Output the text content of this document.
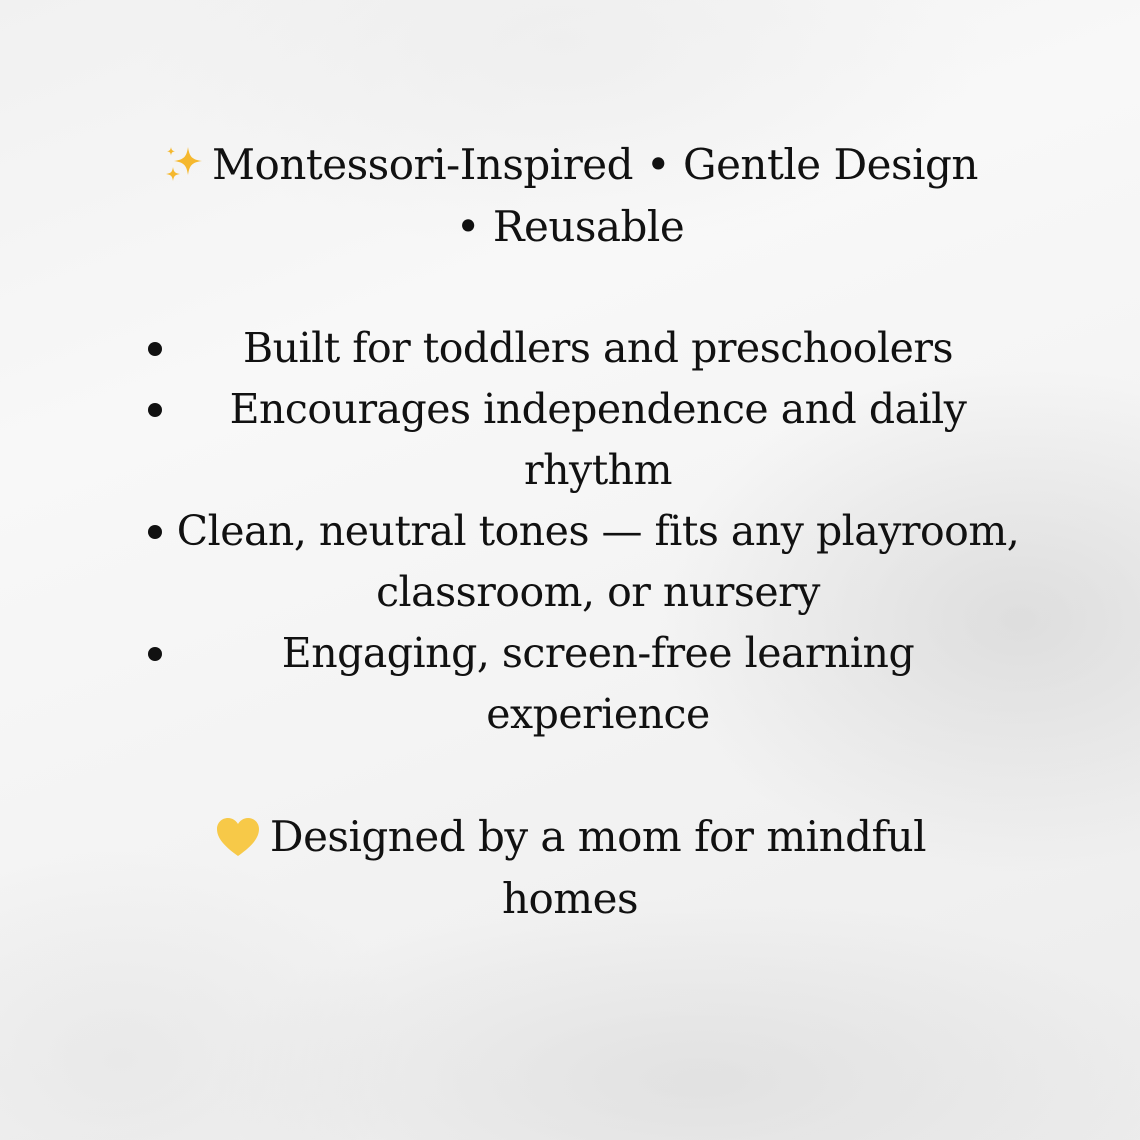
Montessori-Inspired • Gentle Design • Reusable
Built for toddlers and preschoolers
Encourages independence and daily rhythm
Clean, neutral tones — fits any playroom, classroom, or nursery
Engaging, screen-free learning experience
Designed by a mom for mindful homes
